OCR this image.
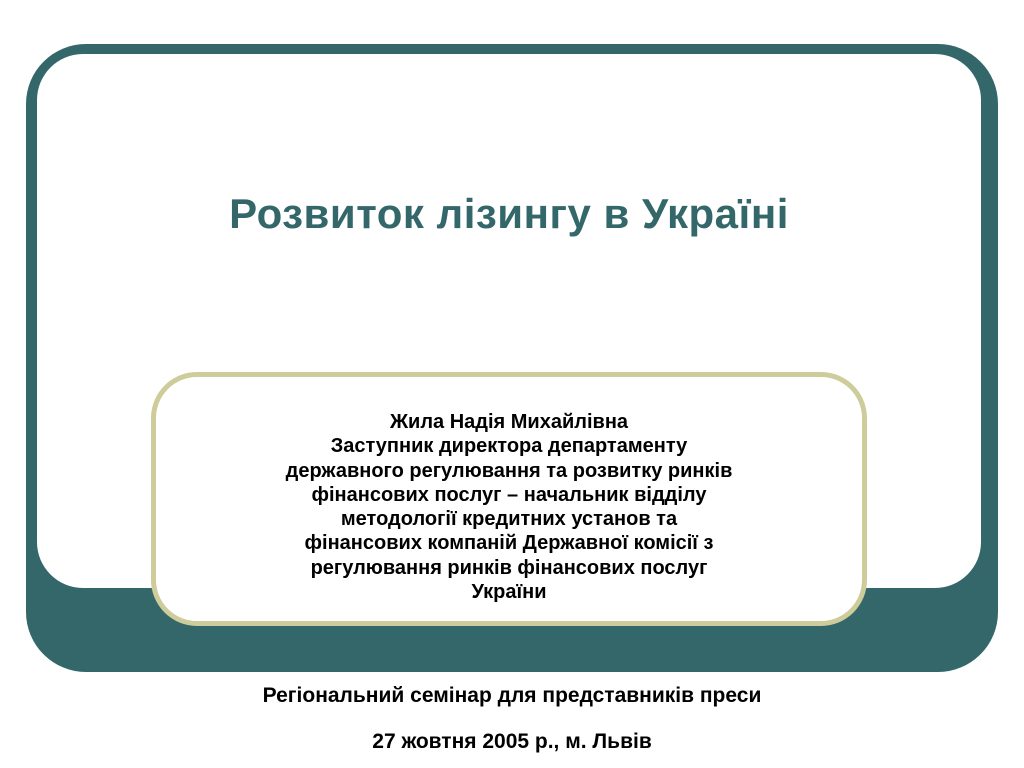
Розвиток лізингу в Україні
Жила Надія Михайлівна
Заступник директора департаменту
державного регулювання та розвитку ринків
фінансових послуг – начальник відділу
методології кредитних установ та
фінансових компаній Державної комісії з
регулювання ринків фінансових послуг
України
Регіональний семінар для представників преси
27 жовтня 2005 р., м. Львів
